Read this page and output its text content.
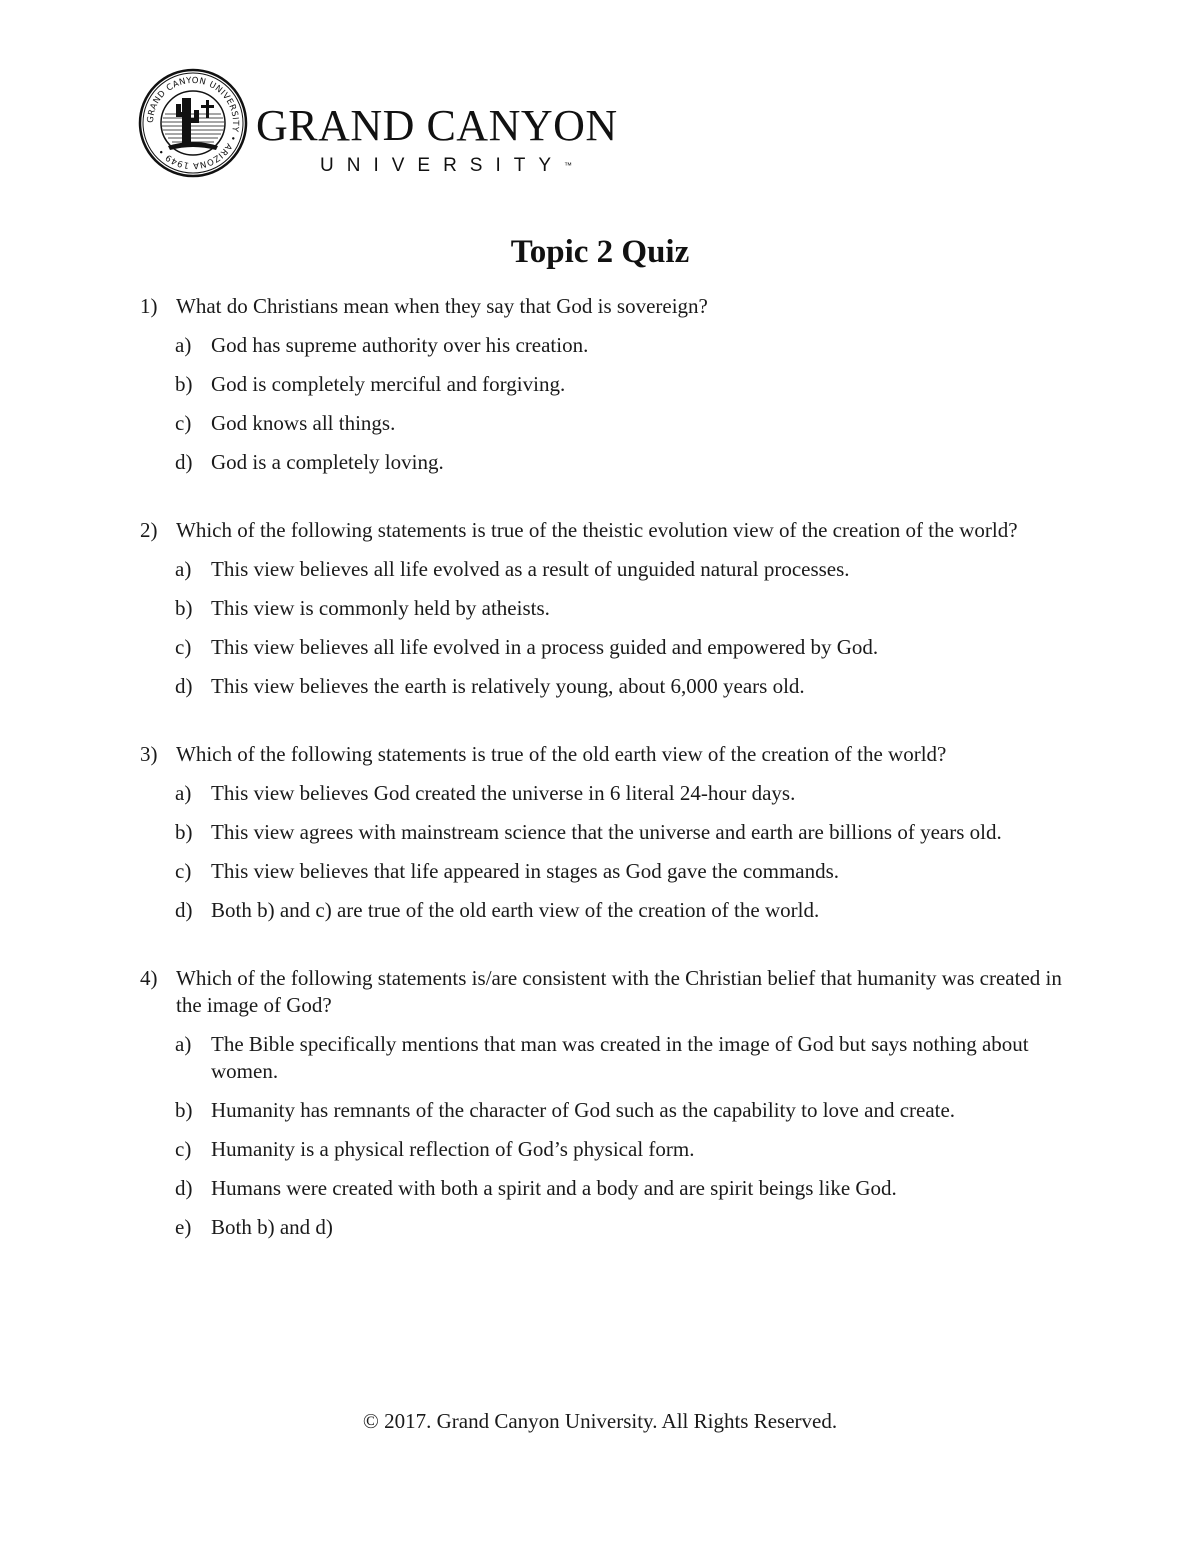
GRAND CANYON UNIVERSITY • ARIZONA 1949 •
GRAND CANYON
UNIVERSITY™
Topic 2 Quiz
1) What do Christians mean when they say that God is sovereign?
a) God has supreme authority over his creation.
b) God is completely merciful and forgiving.
c) God knows all things.
d) God is a completely loving.
2) Which of the following statements is true of the theistic evolution view of the creation of the world?
a) This view believes all life evolved as a result of unguided natural processes.
b) This view is commonly held by atheists.
c) This view believes all life evolved in a process guided and empowered by God.
d) This view believes the earth is relatively young, about 6,000 years old.
3) Which of the following statements is true of the old earth view of the creation of the world?
a) This view believes God created the universe in 6 literal 24-hour days.
b) This view agrees with mainstream science that the universe and earth are billions of years old.
c) This view believes that life appeared in stages as God gave the commands.
d) Both b) and c) are true of the old earth view of the creation of the world.
4) Which of the following statements is/are consistent with the Christian belief that humanity was created in the image of God?
a) The Bible specifically mentions that man was created in the image of God but says nothing about women.
b) Humanity has remnants of the character of God such as the capability to love and create.
c) Humanity is a physical reflection of God’s physical form.
d) Humans were created with both a spirit and a body and are spirit beings like God.
e) Both b) and d)
© 2017. Grand Canyon University. All Rights Reserved.
